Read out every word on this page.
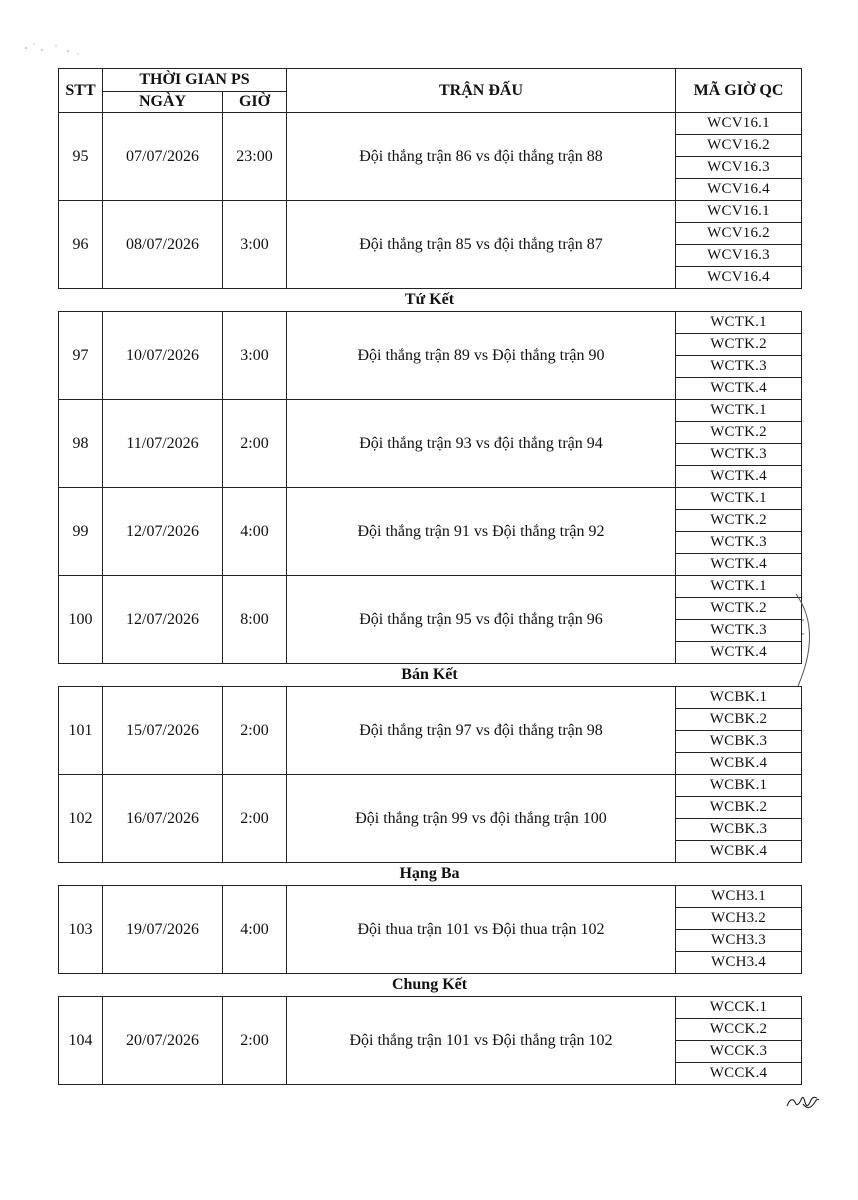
STT	THỜI GIAN PS		TRẬN ĐẤU	MÃ GIỜ QC
	NGÀY	GIỜ		
95	07/07/2026	23:00	Đội thắng trận 86 vs đội thắng trận 88	WCV16.1
				WCV16.2
				WCV16.3
				WCV16.4
96	08/07/2026	3:00	Đội thắng trận 85 vs đội thắng trận 87	WCV16.1
				WCV16.2
				WCV16.3
				WCV16.4
Tứ Kết
97	10/07/2026	3:00	Đội thắng trận 89 vs Đội thắng trận 90	WCTK.1
				WCTK.2
				WCTK.3
				WCTK.4
98	11/07/2026	2:00	Đội thắng trận 93 vs đội thắng trận 94	WCTK.1
				WCTK.2
				WCTK.3
				WCTK.4
99	12/07/2026	4:00	Đội thắng trận 91 vs Đội thắng trận 92	WCTK.1
				WCTK.2
				WCTK.3
				WCTK.4
100	12/07/2026	8:00	Đội thắng trận 95 vs đội thắng trận 96	WCTK.1
				WCTK.2
				WCTK.3
				WCTK.4
Bán Kết
101	15/07/2026	2:00	Đội thắng trận 97 vs đội thắng trận 98	WCBK.1
				WCBK.2
				WCBK.3
				WCBK.4
102	16/07/2026	2:00	Đội thắng trận 99 vs đội thắng trận 100	WCBK.1
				WCBK.2
				WCBK.3
				WCBK.4
Hạng Ba
103	19/07/2026	4:00	Đội thua trận 101 vs Đội thua trận 102	WCH3.1
WCH3.2
WCH3.3
WCH3.4
Chung Kết
104	20/07/2026	2:00	Đội thắng trận 101 vs Đội thắng trận 102	WCCK.1
WCCK.2
WCCK.3
WCCK.4
